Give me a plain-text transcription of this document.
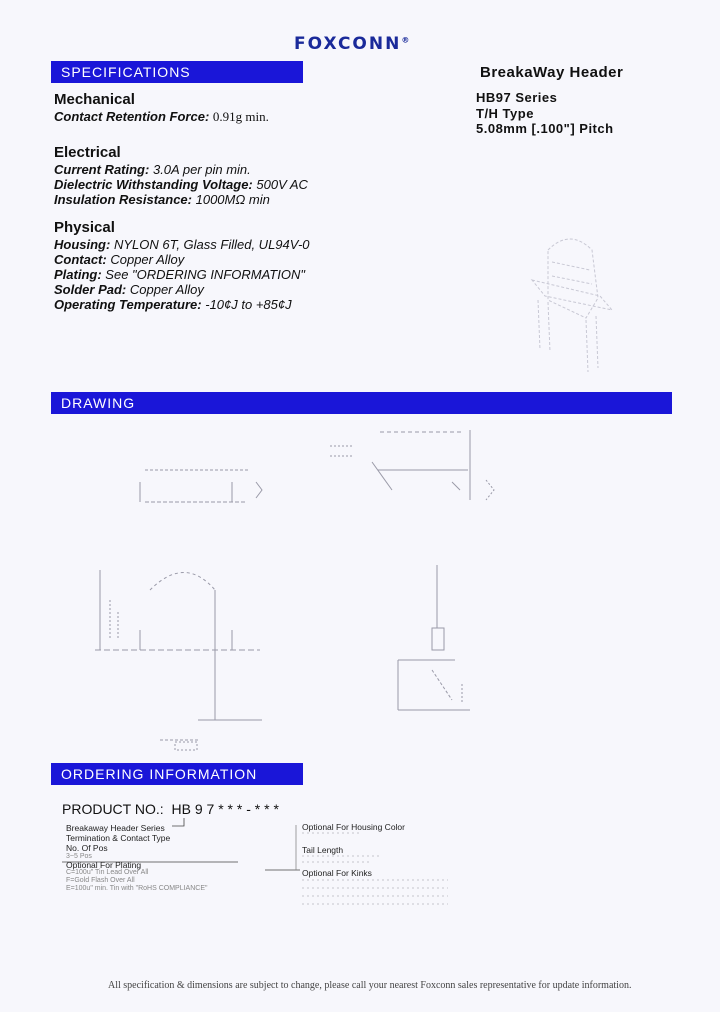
FOXCONN®
SPECIFICATIONS	BreakaWay Header
HB97 Series
T/H Type
5.08mm [.100"] Pitch
Mechanical
Contact Retention Force: 0.91g min.
Electrical
Current Rating: 3.0A per pin min.
Dielectric Withstanding Voltage: 500V AC
Insulation Resistance: 1000MΩ min
Physical
Housing: NYLON 6T, Glass Filled, UL94V-0
Contact: Copper Alloy
Plating: See "ORDERING INFORMATION"
Solder Pad: Copper Alloy
Operating Temperature: -10¢J to +85¢J
DRAWING
ORDERING INFORMATION
PRODUCT NO.: HB 9 7 * * * - * * *
Breakaway Header Series
Termination & Contact Type
No. Of Pos
3~5 Pos
Optional For Plating
C=100u" Tin Lead Over All
F=Gold Flash Over All
E=100u" min. Tin with "RoHS COMPLIANCE"
Optional For Housing Color
Tail Length
Optional For Kinks
All specification & dimensions are subject to change, please call your nearest Foxconn sales representative for update information.
